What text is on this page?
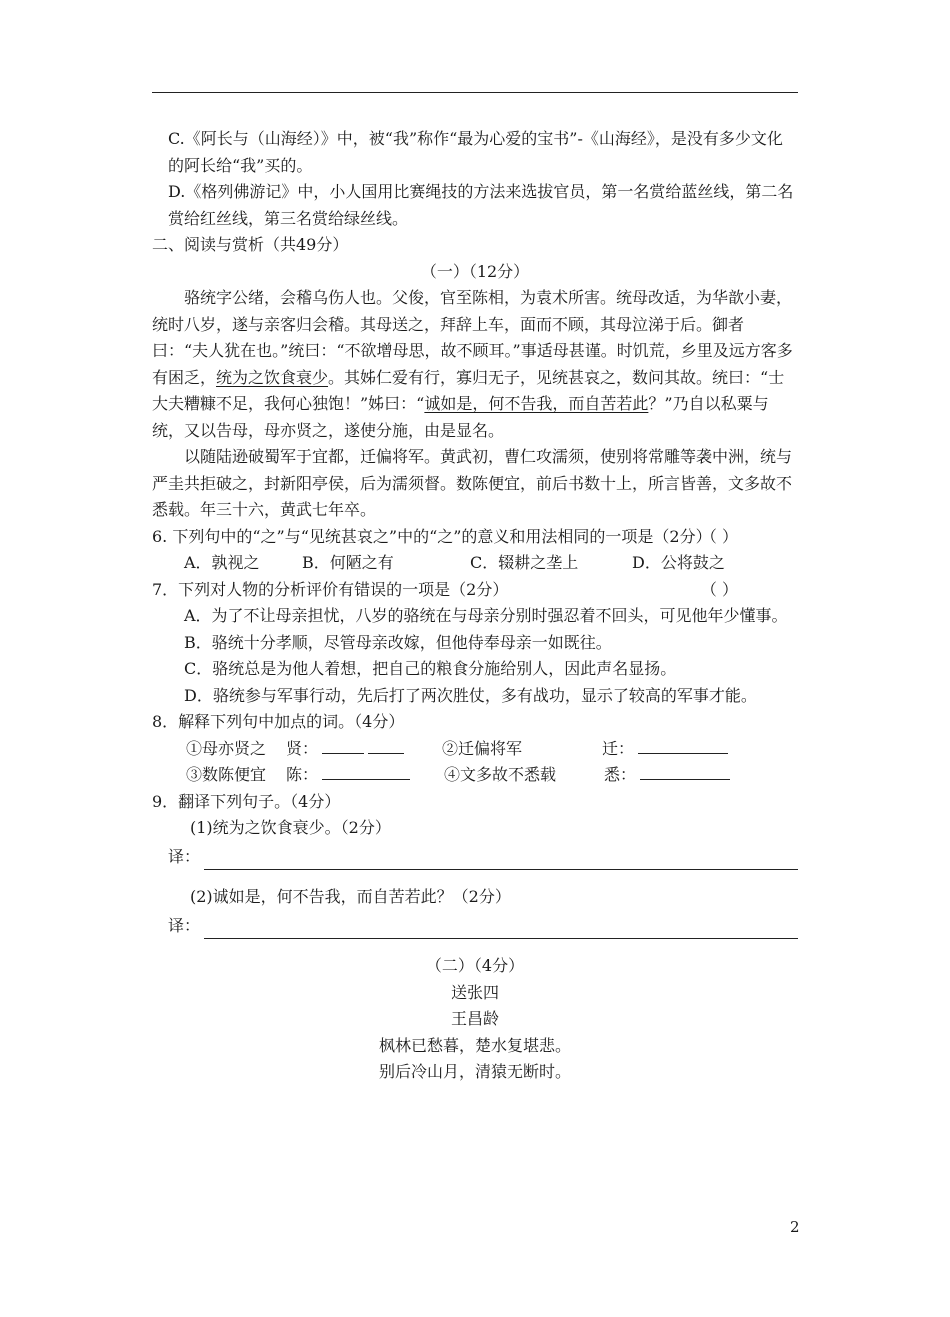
C.《阿长与（山海经）》中，被“我”称作“最为心爱的宝书”-《山海经》，是没有多少文化的阿长给“我”买的。

D.《格列佛游记》中，小人国用比赛绳技的方法来选拔官员，第一名赏给蓝丝线，第二名赏给红丝线，第三名赏给绿丝线。

二、阅读与赏析（共49分）

（一）（12分）

骆统字公绪，会稽乌伤人也。父俊，官至陈相，为袁术所害。统母改适，为华歆小妻，统时八岁，遂与亲客归会稽。其母送之，拜辞上车，面而不顾，其母泣涕于后。御者曰：“夫人犹在也。”统曰：“不欲增母思，故不顾耳。”事适母甚谨。时饥荒，乡里及远方客多有困乏，统为之饮食衰少。其姊仁爱有行，寡归无子，见统甚哀之，数问其故。统曰：“士大夫糟糠不足，我何心独饱！”姊曰：“诚如是，何不告我，而自苦若此？”乃自以私粟与统，又以告母，母亦贤之，遂使分施，由是显名。

以随陆逊破蜀军于宜都，迁偏将军。黄武初，曹仁攻濡须，使别将常雕等袭中洲，统与严圭共拒破之，封新阳亭侯，后为濡须督。数陈便宜，前后书数十上，所言皆善，文多故不悉载。年三十六，黄武七年卒。

6. 下列句中的“之”与“见统甚哀之”中的“之”的意义和用法相同的一项是（2分）

（ ）
A．孰视之	B．何陋之有	C．辍耕之垄上	D．公将鼓之
7．下列对人物的分析评价有错误的一项是（2分）	（ ）

A．为了不让母亲担忧，八岁的骆统在与母亲分别时强忍着不回头，可见他年少懂事。

B．骆统十分孝顺，尽管母亲改嫁，但他侍奉母亲一如既往。

C．骆统总是为他人着想，把自己的粮食分施给别人，因此声名显扬。

D．骆统参与军事行动，先后打了两次胜仗，多有战功，显示了较高的军事才能。

8．解释下列句中加点的词。（4分）

①母亦贤之	贤：	②迁偏将军	迁：
③数陈便宜	陈：	④文多故不悉载	悉：

9．翻译下列句子。（4分）

(1)统为之饮食衰少。（2分）

译：

(2)诚如是，何不告我，而自苦若此？（2分）

译：

（二）（4分）

送张四

王昌龄

枫林已愁暮，楚水复堪悲。

别后冷山月，清猿无断时。

2
